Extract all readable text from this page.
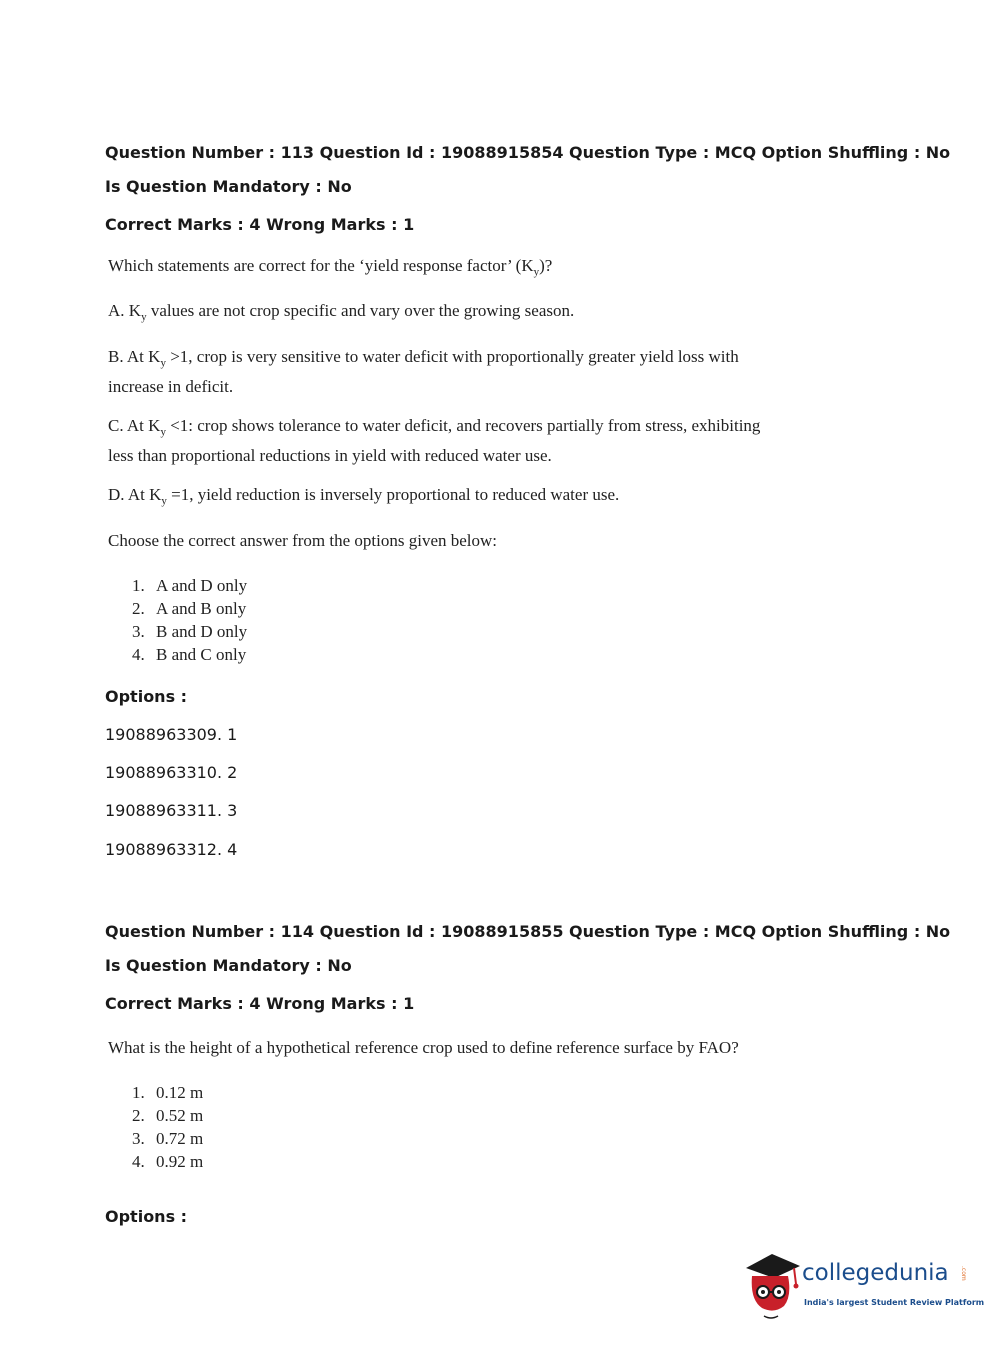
Question Number : 113 Question Id : 19088915854 Question Type : MCQ Option Shuffling : No
Is Question Mandatory : No
Correct Marks : 4 Wrong Marks : 1
Which statements are correct for the ‘yield response factor’ $(K_y)$?
A. $K_y$ values are not crop specific and vary over the growing season.
B. At $K_y >1$, crop is very sensitive to water deficit with proportionally greater yield loss with
increase in deficit.
C. At $K_y <1$: crop shows tolerance to water deficit, and recovers partially from stress, exhibiting
less than proportional reductions in yield with reduced water use.
D. At $K_y =1$, yield reduction is inversely proportional to reduced water use.
Choose the correct answer from the options given below:
1. A and D only
2. A and B only
3. B and D only
4. B and C only
Options :
19088963309. 1
19088963310. 2
19088963311. 3
19088963312. 4
Question Number : 114 Question Id : 19088915855 Question Type : MCQ Option Shuffling : No
Is Question Mandatory : No
Correct Marks : 4 Wrong Marks : 1
What is the height of a hypothetical reference crop used to define reference surface by FAO?
1. 0.12 m
2. 0.52 m
3. 0.72 m
4. 0.92 m
Options :
collegedunia .com
India's largest Student Review Platform
